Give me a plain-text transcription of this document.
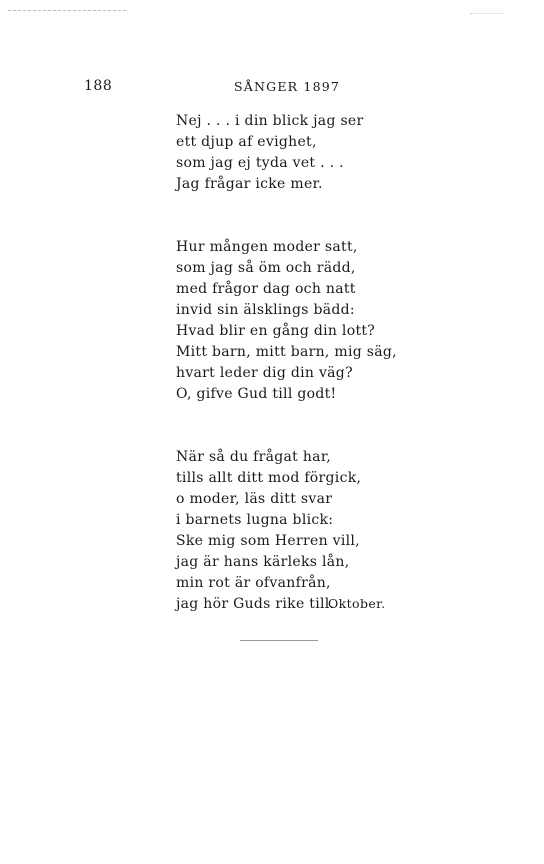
188	SÅNGER 1897
Nej . . . i din blick jag ser
ett djup af evighet,
som jag ej tyda vet . . .
Jag frågar icke mer.
Hur mången moder satt,
som jag så öm och rädd,
med frågor dag och natt
invid sin älsklings bädd:
Hvad blir en gång din lott?
Mitt barn, mitt barn, mig säg,
hvart leder dig din väg?
O, gifve Gud till godt!
När så du frågat har,
tills allt ditt mod förgick,
o moder, läs ditt svar
i barnets lugna blick:
Ske mig som Herren vill,
jag är hans kärleks lån,
min rot är ofvanfrån,
jag hör Guds rike till.
Oktober.
